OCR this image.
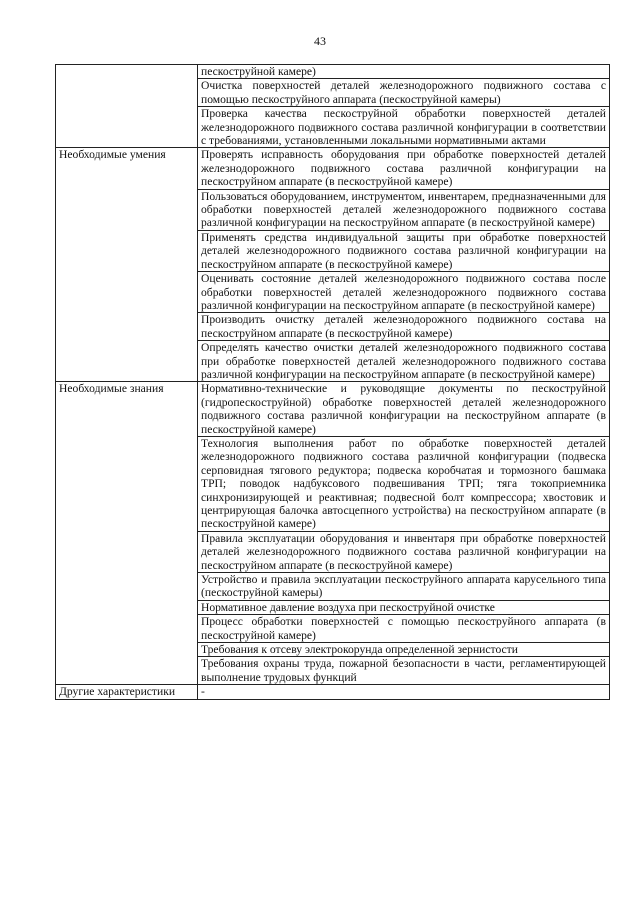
43
	пескоструйной камере)
	Очистка поверхностей деталей железнодорожного подвижного состава с помощью пескоструйного аппарата (пескоструйной камеры)
	Проверка качества пескоструйной обработки поверхностей деталей железнодорожного подвижного состава различной конфигурации в соответствии с требованиями, установленными локальными нормативными актами
Необходимые умения	Проверять исправность оборудования при обработке поверхностей деталей железнодорожного подвижного состава различной конфигурации на пескоструйном аппарате (в пескоструйной камере)
	Пользоваться оборудованием, инструментом, инвентарем, предназначенными для обработки поверхностей деталей железнодорожного подвижного состава различной конфигурации на пескоструйном аппарате (в пескоструйной камере)
	Применять средства индивидуальной защиты при обработке поверхностей деталей железнодорожного подвижного состава различной конфигурации на пескоструйном аппарате (в пескоструйной камере)
	Оценивать состояние деталей железнодорожного подвижного состава после обработки поверхностей деталей железнодорожного подвижного состава различной конфигурации на пескоструйном аппарате (в пескоструйной камере)
	Производить очистку деталей железнодорожного подвижного состава на пескоструйном аппарате (в пескоструйной камере)
	Определять качество очистки деталей железнодорожного подвижного состава при обработке поверхностей деталей железнодорожного подвижного состава различной конфигурации на пескоструйном аппарате (в пескоструйной камере)
Необходимые знания	Нормативно-технические и руководящие документы по пескоструйной (гидропескоструйной) обработке поверхностей деталей железнодорожного подвижного состава различной конфигурации на пескоструйном аппарате (в пескоструйной камере)
	Технология выполнения работ по обработке поверхностей деталей железнодорожного подвижного состава различной конфигурации (подвеска серповидная тягового редуктора; подвеска коробчатая и тормозного башмака ТРП; поводок надбуксового подвешивания ТРП; тяга токоприемника синхронизирующей и реактивная; подвесной болт компрессора; хвостовик и центрирующая балочка автосцепного устройства) на пескоструйном аппарате (в пескоструйной камере)
	Правила эксплуатации оборудования и инвентаря при обработке поверхностей деталей железнодорожного подвижного состава различной конфигурации на пескоструйном аппарате (в пескоструйной камере)
	Устройство и правила эксплуатации пескоструйного аппарата карусельного типа (пескоструйной камеры)
	Нормативное давление воздуха при пескоструйной очистке
	Процесс обработки поверхностей с помощью пескоструйного аппарата (в пескоструйной камере)
	Требования к отсеву электрокорунда определенной зернистости
	Требования охраны труда, пожарной безопасности в части, регламентирующей выполнение трудовых функций
Другие характеристики	-
